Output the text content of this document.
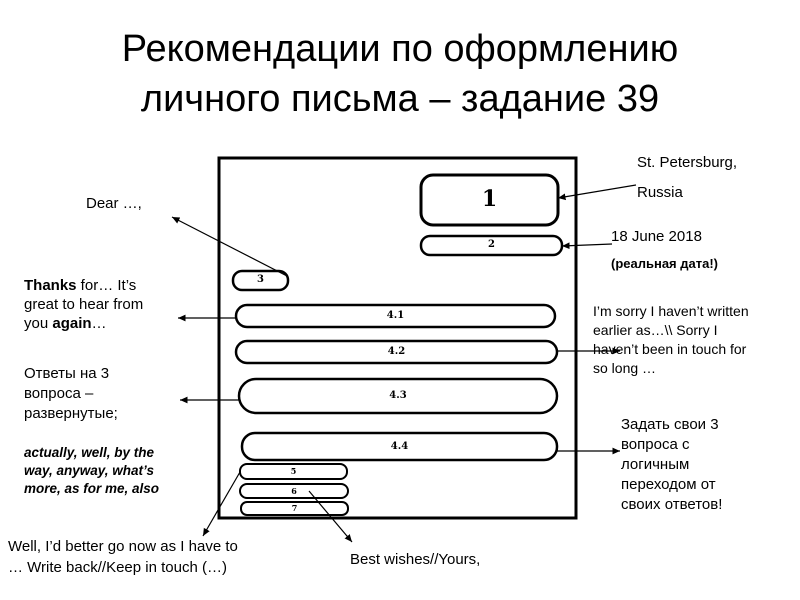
Рекомендации по оформлению
личного письма – задание 39
1
2
3
4.1
4.2
4.3
4.4
5
6
7
St. Petersburg,
Russia
18 June 2018
(реальная дата!)
I’m sorry I haven’t written
earlier as…\\ Sorry I
haven’t been in touch for
so long …
Задать свои 3
вопроса с
логичным
переходом от
своих ответов!
Dear …,
Thanks for… It’s
great to hear from
you again…
Ответы на 3
вопроса –
развернутые;
actually, well, by the
way, anyway, what’s
more, as for me, also
Well, I’d better go now as I have to
… Write back//Keep in touch (…)	Best wishes//Yours,
